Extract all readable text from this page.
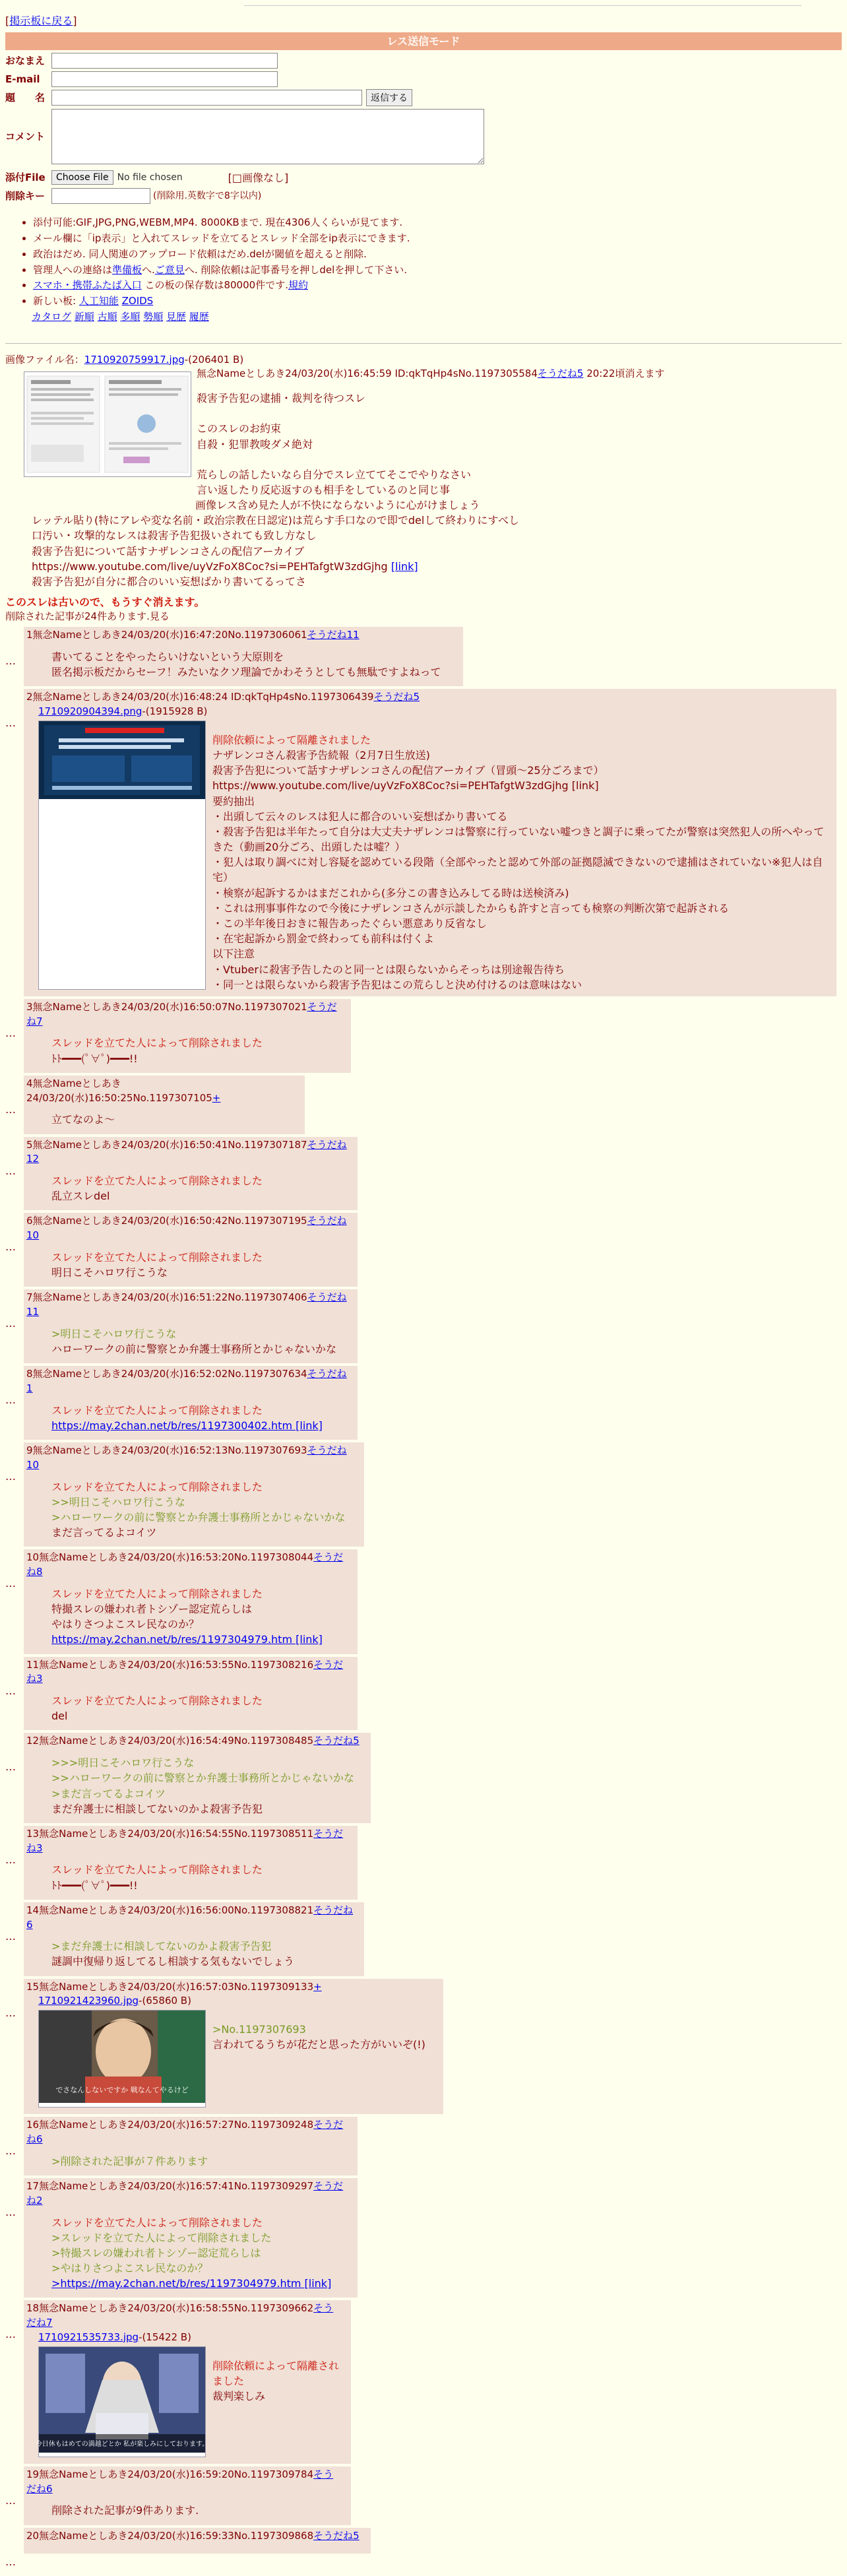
[掲示板に戻る]
レス送信モード
おなまえ
E-mail
題　　名	返信する
コメント
添付File	Choose File No file chosen	[□画像なし]
削除キー	(削除用.英数字で8字以内)
• 添付可能:GIF,JPG,PNG,WEBM,MP4. 8000KBまで. 現在4306人くらいが見てます.
• メール欄に「ip表示」と入れてスレッドを立てるとスレッド全部をip表示にできます.
• 政治はだめ. 同人関連のアップロード依頼はだめ.delが閾値を超えると削除.
• 管理人への連絡は準備板へ.ご意見へ. 削除依頼は記事番号を押しdelを押して下さい.
• スマホ・携帯ふたば入口 この板の保存数は80000件です.規約
• 新しい板: 人工知能 ZOIDS
カタログ 新順 古順 多順 勢順 見歴 履歴
画像ファイル名：1710920759917.jpg-(206401 B)
無念Nameとしあき24/03/20(水)16:45:59 ID:qkTqHp4sNo.1197305584そうだね5 20:22頃消えます
殺害予告犯の逮捕・裁判を待つスレ
このスレのお約束
自殺・犯罪教唆ダメ絶対
荒らしの話したいなら自分でスレ立ててそこでやりなさい
言い返したり反応返すのも相手をしているのと同じ事
画像レス含め見た人が不快にならないように心がけましょう
レッテル貼り(特にアレや変な名前・政治宗教在日認定)は荒らす手口なので即でdelして終わりにすべし
口汚い・攻撃的なレスは殺害予告犯扱いされても致し方なし
殺害予告犯について話すナザレンコさんの配信アーカイブ
https://www.youtube.com/live/uyVzFoX8Coc?si=PEHTafgtW3zdGjhg [link]
殺害予告犯が自分に都合のいい妄想ばかり書いてるってさ
このスレは古いので、もうすぐ消えます。
削除された記事が24件あります.見る
…
1無念Nameとしあき24/03/20(水)16:47:20No.1197306061そうだね11
書いてることをやったらいけないという大原則を
匿名掲示板だからセーフ！みたいなクソ理論でかわそうとしても無駄ですよねって
…
2無念Nameとしあき24/03/20(水)16:48:24 ID:qkTqHp4sNo.1197306439そうだね5
1710920904394.png-(1915928 B)
削除依頼によって隔離されました
ナザレンコさん殺害予告続報（2月7日生放送)
殺害予告犯について話すナザレンコさんの配信アーカイブ（冒頭〜25分ごろまで）
https://www.youtube.com/live/uyVzFoX8Coc?si=PEHTafgtW3zdGjhg [link]
要約抽出
・出頭して云々のレスは犯人に都合のいい妄想ばかり書いてる
・殺害予告犯は半年たって自分は大丈夫ナザレンコは警察に行っていない嘘つきと調子に乗ってたが警察は突然犯人の所へやってきた（動画20分ごろ、出頭したは嘘？）
・犯人は取り調べに対し容疑を認めている段階（全部やったと認めて外部の証拠隠滅できないので逮捕はされていない※犯人は自宅）
・検察が起訴するかはまだこれから(多分この書き込みしてる時は送検済み)
・これは刑事事件なので今後にナザレンコさんが示談したからも許すと言っても検察の判断次第で起訴される
・この半年後日おきに報告あったぐらい悪意あり反省なし
・在宅起訴から罰金で終わっても前科は付くよ
以下注意
・Vtuberに殺害予告したのと同一とは限らないからそっちは別途報告待ち
・同一とは限らないから殺害予告犯はこの荒らしと決め付けるのは意味はない
…
3無念Nameとしあき24/03/20(水)16:50:07No.1197307021そうだね7
スレッドを立てた人によって削除されました
ﾄﾄ━━━(ﾟ∀ﾟ)━━━!!
…
4無念Nameとしあき24/03/20(水)16:50:25No.1197307105+
立てなのよ〜
…
5無念Nameとしあき24/03/20(水)16:50:41No.1197307187そうだね12
スレッドを立てた人によって削除されました
乱立スレdel
…
6無念Nameとしあき24/03/20(水)16:50:42No.1197307195そうだね10
スレッドを立てた人によって削除されました
明日こそハロワ行こうな
…
7無念Nameとしあき24/03/20(水)16:51:22No.1197307406そうだね11
>明日こそハロワ行こうな
ハローワークの前に警察とか弁護士事務所とかじゃないかな
…
8無念Nameとしあき24/03/20(水)16:52:02No.1197307634そうだね1
スレッドを立てた人によって削除されました
https://may.2chan.net/b/res/1197300402.htm [link]
…
9無念Nameとしあき24/03/20(水)16:52:13No.1197307693そうだね10
スレッドを立てた人によって削除されました
>>明日こそハロワ行こうな
>ハローワークの前に警察とか弁護士事務所とかじゃないかな
まだ言ってるよコイツ
…
10無念Nameとしあき24/03/20(水)16:53:20No.1197308044そうだね8
スレッドを立てた人によって削除されました
特撮スレの嫌われ者トシゾー認定荒らしは
やはりさつよこスレ民なのか？
https://may.2chan.net/b/res/1197304979.htm [link]
…
11無念Nameとしあき24/03/20(水)16:53:55No.1197308216そうだね3
スレッドを立てた人によって削除されました
del
…
12無念Nameとしあき24/03/20(水)16:54:49No.1197308485そうだね5
>>>明日こそハロワ行こうな
>>ハローワークの前に警察とか弁護士事務所とかじゃないかな
>まだ言ってるよコイツ
まだ弁護士に相談してないのかよ殺害予告犯
…
13無念Nameとしあき24/03/20(水)16:54:55No.1197308511そうだね3
スレッドを立てた人によって削除されました
ﾄﾄ━━━(ﾟ∀ﾟ)━━━!!
…
14無念Nameとしあき24/03/20(水)16:56:00No.1197308821そうだね6
>まだ弁護士に相談してないのかよ殺害予告犯
謎調中復帰り返してるし相談する気もないでしょう
…
15無念Nameとしあき24/03/20(水)16:57:03No.1197309133+
1710921423960.jpg-(65860 B)
でさなんしないですか 戦なんてやるけど
>No.1197307693
言われてるうちが花だと思った方がいいぞ(!)
…
16無念Nameとしあき24/03/20(水)16:57:27No.1197309248そうだね6
>削除された記事が７件あります
…
17無念Nameとしあき24/03/20(水)16:57:41No.1197309297そうだね2
スレッドを立てた人によって削除されました
>スレッドを立てた人によって削除されました
>特撮スレの嫌われ者トシゾー認定荒らしは
>やはりさつよこスレ民なのか？
>https://may.2chan.net/b/res/1197304979.htm [link]
…
18無念Nameとしあき24/03/20(水)16:58:55No.1197309662そうだね7
1710921535733.jpg-(15422 B)
今日休もはめての満越どとか 私が楽しみにしております。
削除依頼によって隔離されました
裁判楽しみ
…
19無念Nameとしあき24/03/20(水)16:59:20No.1197309784そうだね6
削除された記事が9件あります.
…
20無念Nameとしあき24/03/20(水)16:59:33No.1197309868そうだね5
